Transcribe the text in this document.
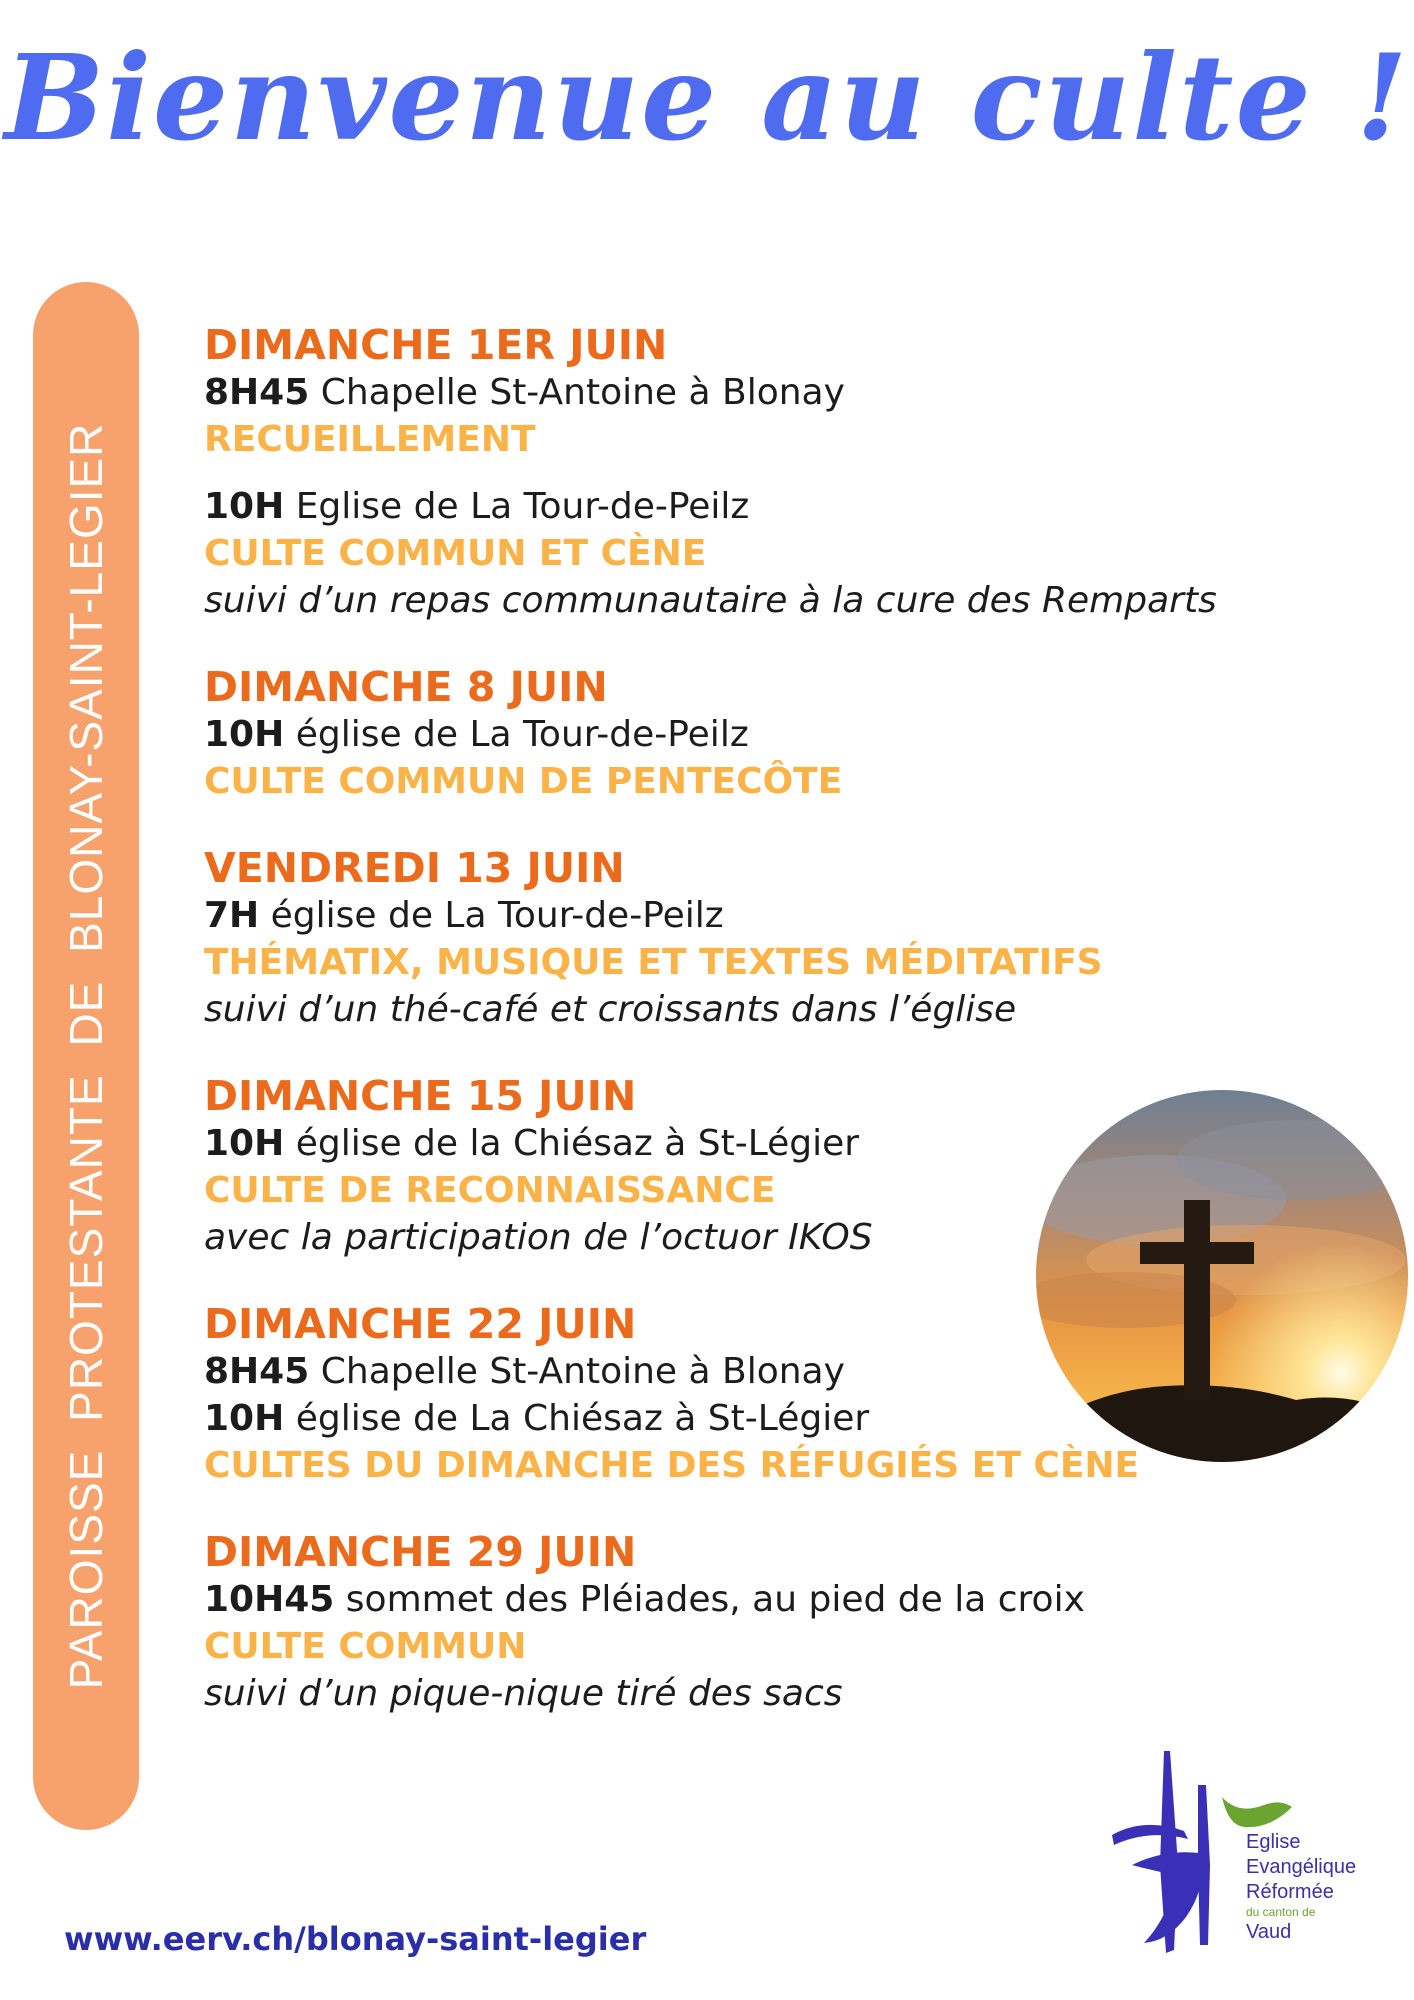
Bienvenue au culte !
PAROISSE PROTESTANTE DE BLONAY-SAINT-LEGIER
DIMANCHE 1ER JUIN
8H45 Chapelle St-Antoine à Blonay
RECUEILLEMENT
10H Eglise de La Tour-de-Peilz
CULTE COMMUN ET CÈNE
suivi d’un repas communautaire à la cure des Remparts
DIMANCHE 8 JUIN
10H église de La Tour-de-Peilz
CULTE COMMUN DE PENTECÔTE
VENDREDI 13 JUIN
7H église de La Tour-de-Peilz
THÉMATIX, MUSIQUE ET TEXTES MÉDITATIFS
suivi d’un thé-café et croissants dans l’église
DIMANCHE 15 JUIN
10H église de la Chiésaz à St-Légier
CULTE DE RECONNAISSANCE
avec la participation de l’octuor IKOS
DIMANCHE 22 JUIN
8H45 Chapelle St-Antoine à Blonay
10H église de La Chiésaz à St-Légier
CULTES DU DIMANCHE DES RÉFUGIÉS ET CÈNE
DIMANCHE 29 JUIN
10H45 sommet des Pléiades, au pied de la croix
CULTE COMMUN
suivi d’un pique-nique tiré des sacs
www.eerv.ch/blonay-saint-legier
Eglise
Evangélique
Réformée
du canton de
Vaud
